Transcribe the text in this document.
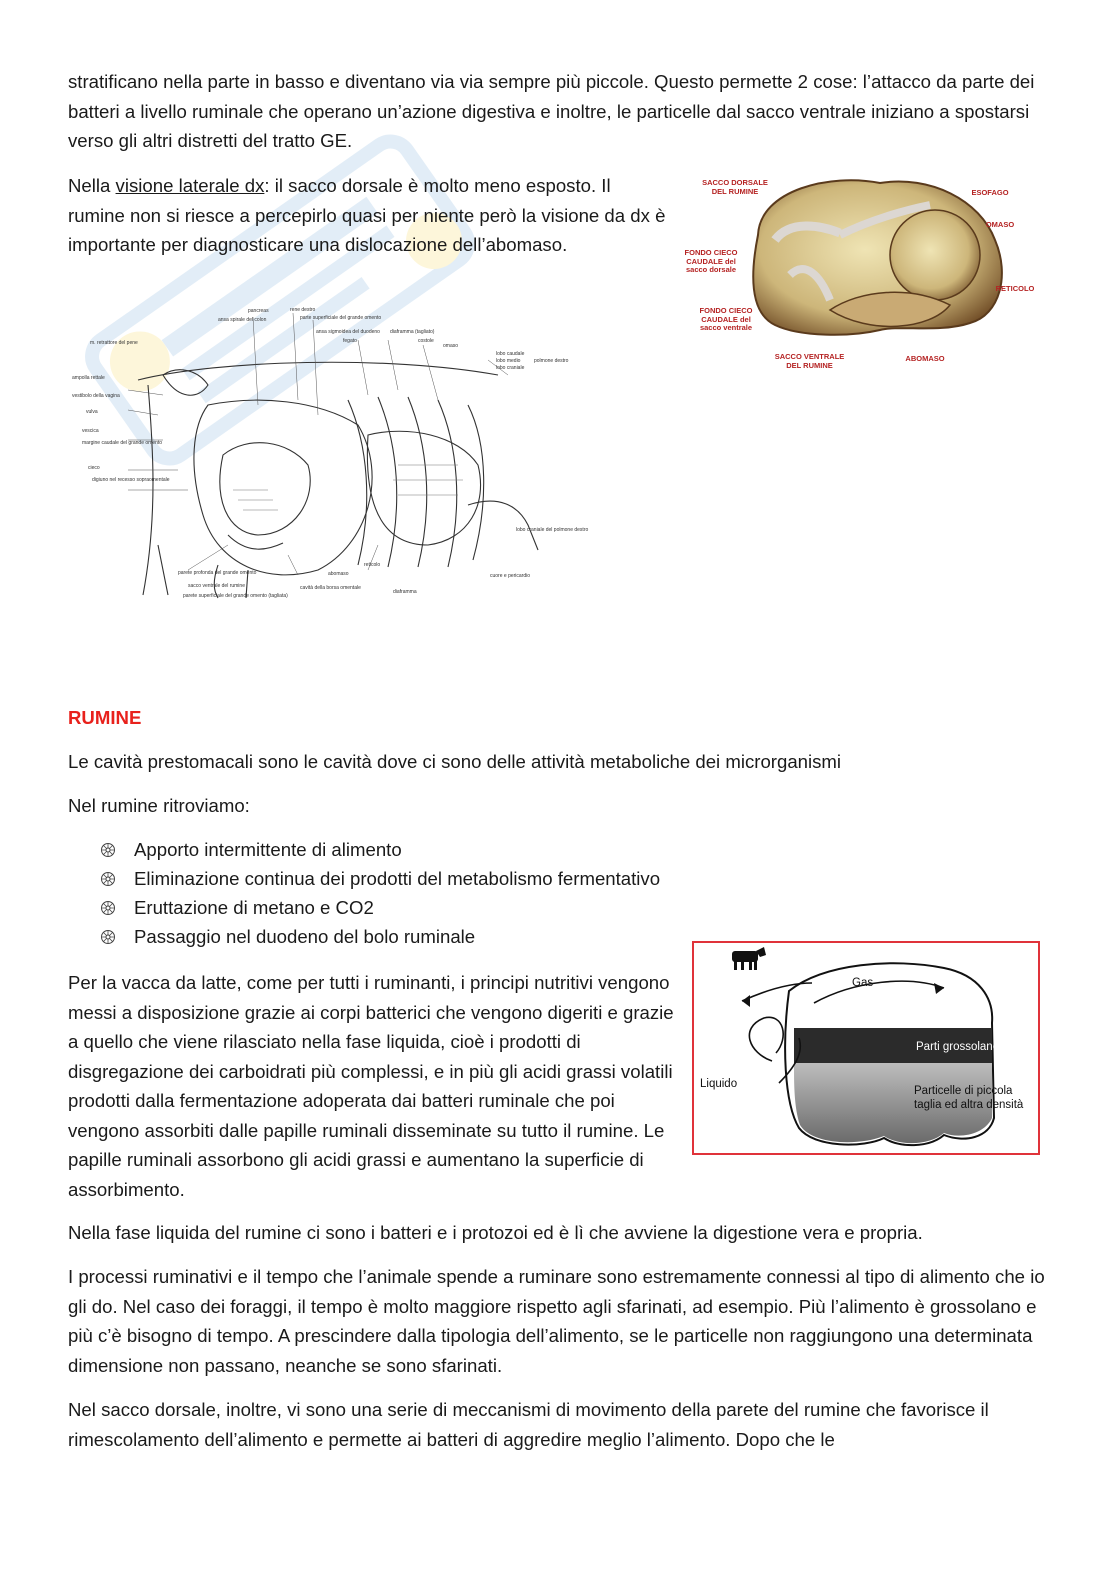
stratificano nella parte in basso e diventano via via sempre più piccole. Questo permette 2 cose: l’attacco da parte dei batteri a livello ruminale che operano un’azione digestiva e inoltre, le particelle dal sacco ventrale iniziano a spostarsi verso gli altri distretti del tratto GE.

Nella visione laterale dx: il sacco dorsale è molto meno esposto. Il rumine non si riesce a percepirlo quasi per niente però la visione da dx è importante per diagnosticare una dislocazione dell’abomaso.

SACCO DORSALE DEL RUMINE	ESOFAGO
OMASO
RETICOLO
FONDO CIECO CAUDALE del sacco dorsale
FONDO CIECO CAUDALE del sacco ventrale
SACCO VENTRALE DEL RUMINE
ABOMASO
pancreas
ansa spirale del colon
rene destro
parte superficiale del grande omento
ansa sigmoidea del duodeno
fegato
diaframma (tagliato)
costole
omaso
lobo caudale
lobo medio
lobo craniale
polmone destro
m. retrattore del pene
ampolla rettale
vestibolo della vagina
vulva
vescica
margine caudale del grande omento
cieco
digiuno nel recesso sopraomentale
lobo craniale del polmone destro
cuore e pericardio
parete profonda del grande omento
sacco ventrale del rumine
abomaso
reticolo
cavità della borsa omentale
diaframma
parete superficiale del grande omento (tagliata)
RUMINE

Le cavità prestomacali sono le cavità dove ci sono delle attività metaboliche dei microrganismi

Nel rumine ritroviamo:

Apporto intermittente di alimento
Eliminazione continua dei prodotti del metabolismo fermentativo
Eruttazione di metano e CO2
Passaggio nel duodeno del bolo ruminale

Per la vacca da latte, come per tutti i ruminanti, i principi nutritivi vengono messi a disposizione grazie ai corpi batterici che vengono digeriti e grazie a quello che viene rilasciato nella fase liquida, cioè i prodotti di disgregazione dei carboidrati più complessi, e in più gli acidi grassi volatili prodotti dalla fermentazione adoperata dai batteri ruminale che poi vengono assorbiti dalle papille ruminali disseminate su tutto il rumine. Le papille ruminali assorbono gli acidi grassi e aumentano la superficie di assorbimento.

Gas
Parti grossolane
Liquido
Particelle di piccola taglia ed altra densità

Nella fase liquida del rumine ci sono i batteri e i protozoi ed è lì che avviene la digestione vera e propria.

I processi ruminativi e il tempo che l’animale spende a ruminare sono estremamente connessi al tipo di alimento che io gli do. Nel caso dei foraggi, il tempo è molto maggiore rispetto agli sfarinati, ad esempio. Più l’alimento è grossolano e più c’è bisogno di tempo. A prescindere dalla tipologia dell’alimento, se le particelle non raggiungono una determinata dimensione non passano, neanche se sono sfarinati.

Nel sacco dorsale, inoltre, vi sono una serie di meccanismi di movimento della parete del rumine che favorisce il rimescolamento dell’alimento e permette ai batteri di aggredire meglio l’alimento. Dopo che le
